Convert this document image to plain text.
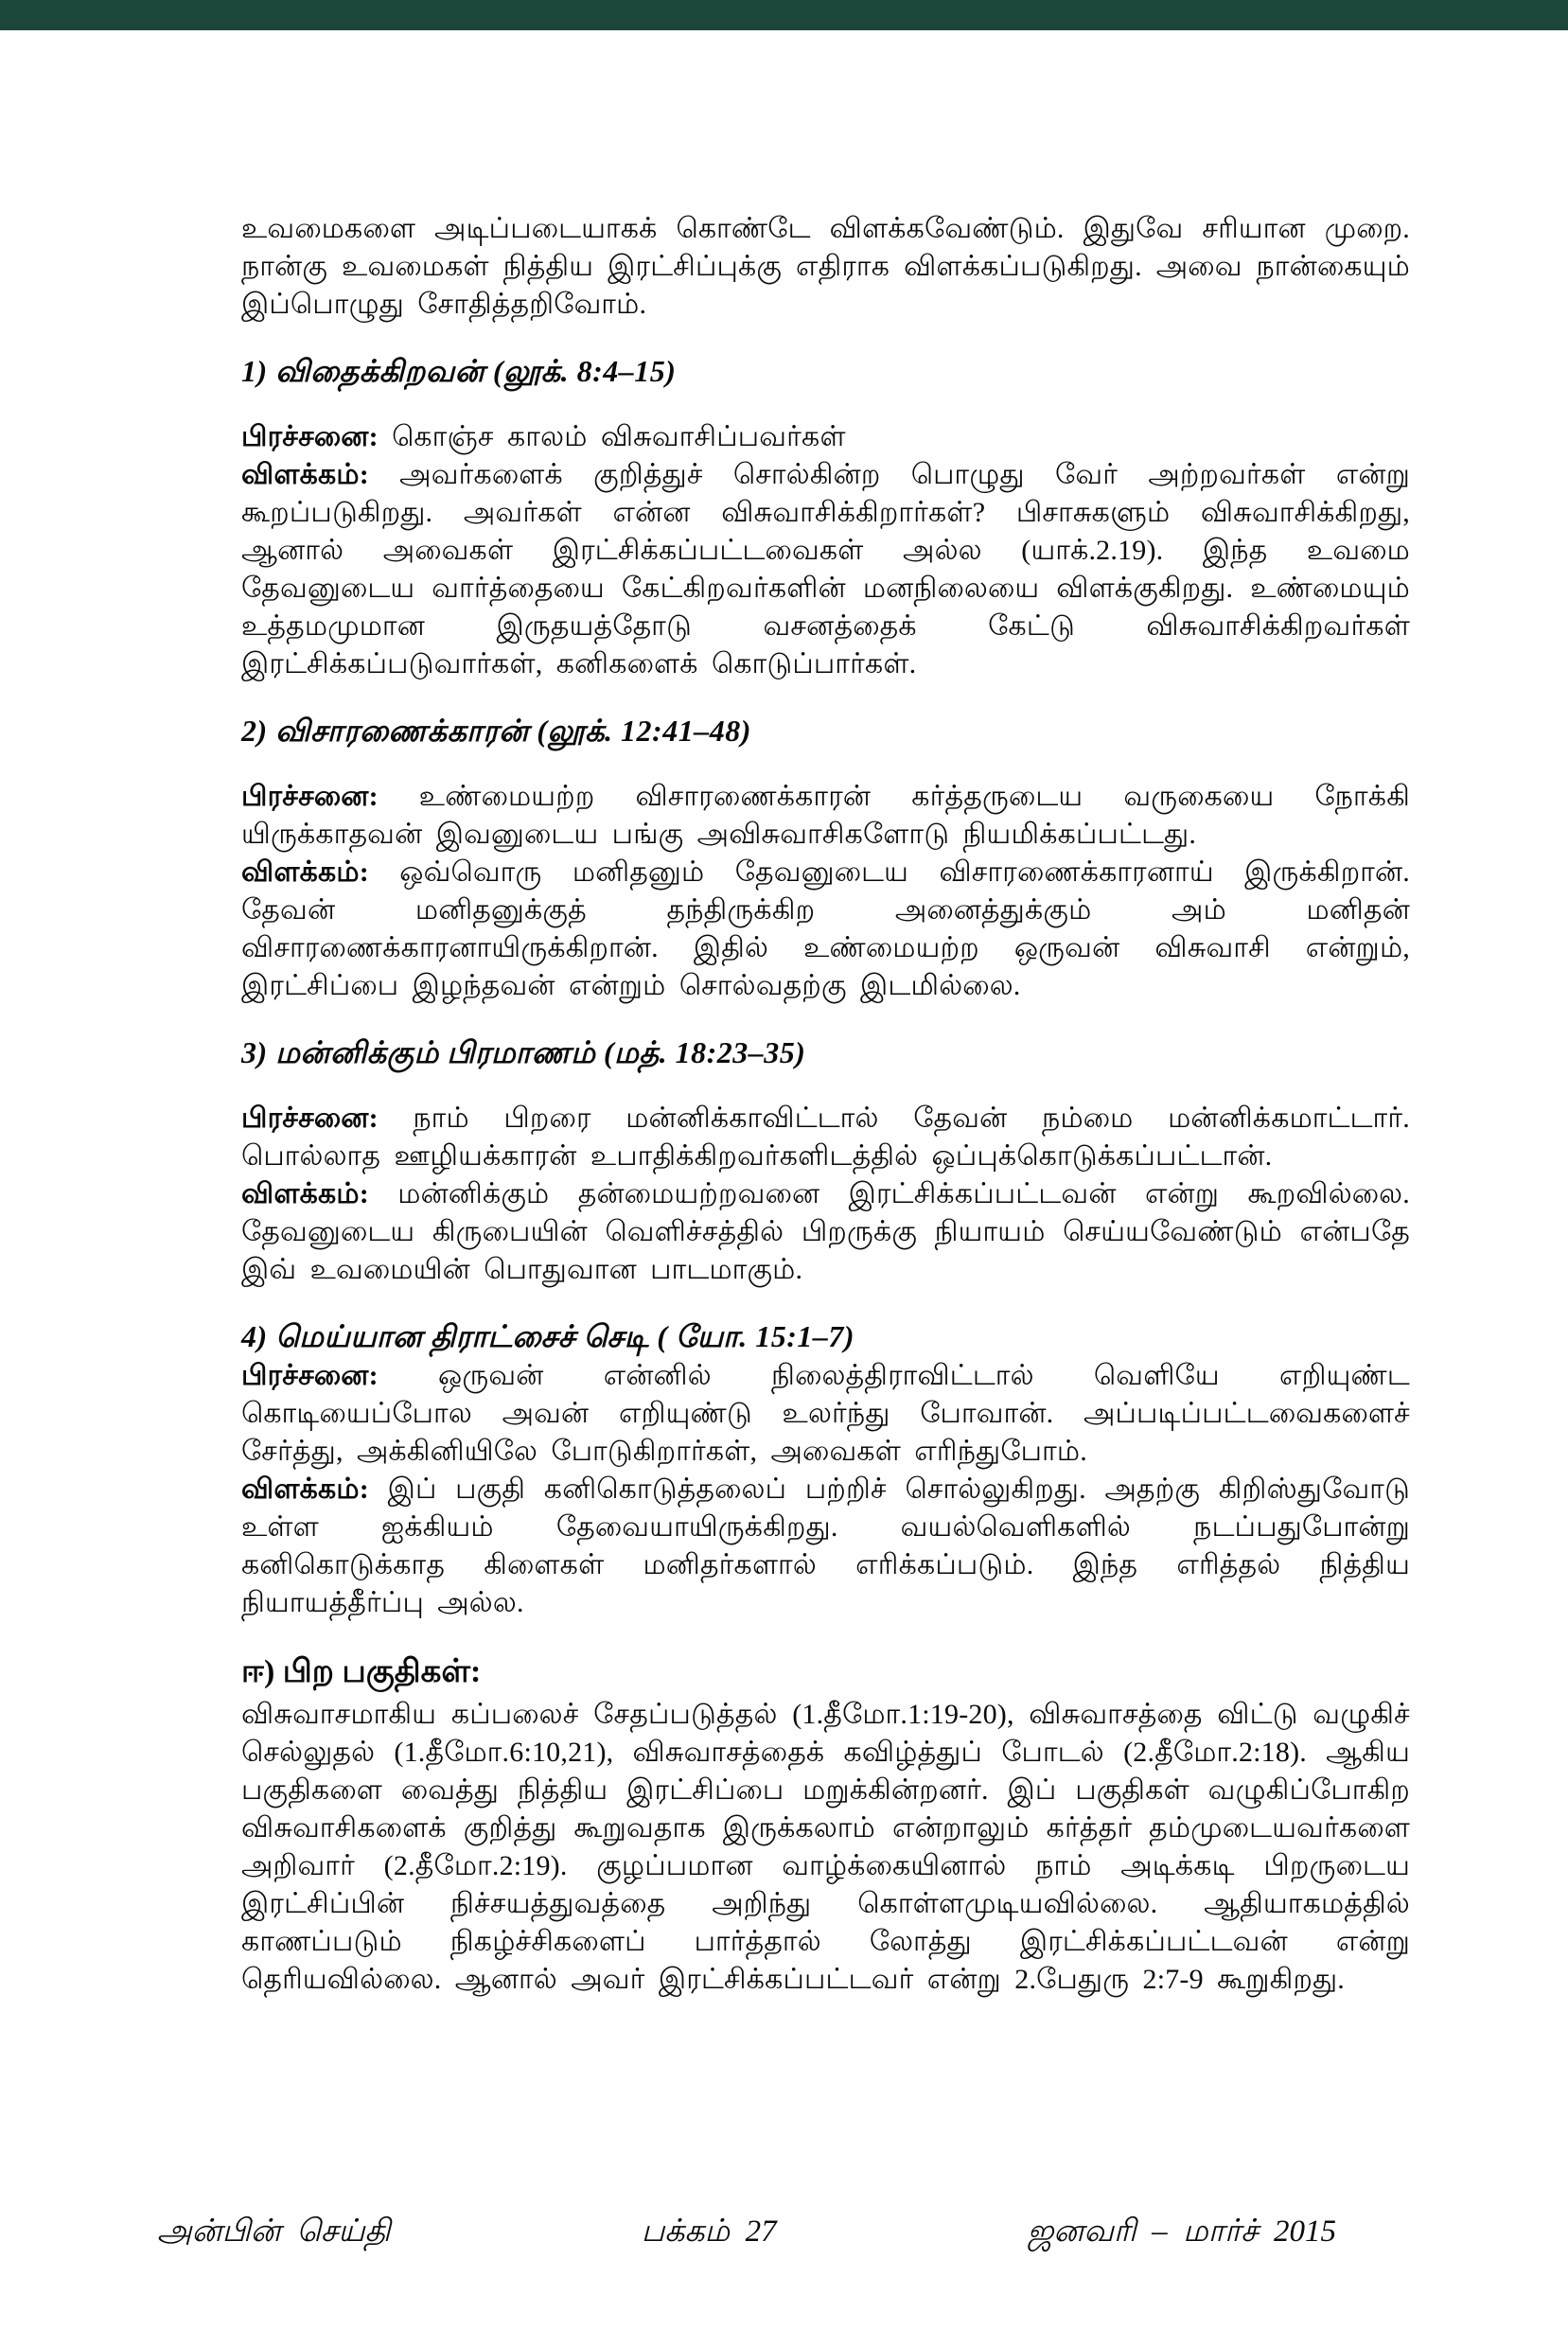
உவமைகளை அடிப்படையாகக் கொண்டே விளக்கவேண்டும். இதுவே சரியான முறை. நான்கு உவமைகள் நித்திய இரட்சிப்புக்கு எதிராக விளக்கப்படுகிறது. அவை நான்கையும் இப்பொழுது சோதித்தறிவோம்.

1) விதைக்கிறவன் (லூக். 8:4–15)

பிரச்சனை: கொஞ்ச காலம் விசுவாசிப்பவர்கள்

விளக்கம்: அவர்களைக் குறித்துச் சொல்கின்ற பொழுது வேர் அற்றவர்கள் என்று கூறப்படுகிறது. அவர்கள் என்ன விசுவாசிக்கிறார்கள்? பிசாசுகளும் விசுவாசிக்கிறது, ஆனால் அவைகள் இரட்சிக்கப்பட்டவைகள் அல்ல (யாக்.2.19). இந்த உவமை தேவனுடைய வார்த்தையை கேட்கிறவர்களின் மனநிலையை விளக்குகிறது. உண்மையும் உத்தமமுமான இருதயத்தோடு வசனத்தைக் கேட்டு விசுவாசிக்கிறவர்கள் இரட்சிக்கப்படுவார்கள், கனிகளைக் கொடுப்பார்கள்.

2) விசாரணைக்காரன் (லூக். 12:41–48)

பிரச்சனை: உண்மையற்ற விசாரணைக்காரன் கர்த்தருடைய வருகையை நோக்கி யிருக்காதவன் இவனுடைய பங்கு அவிசுவாசிகளோடு நியமிக்கப்பட்டது.

விளக்கம்: ஒவ்வொரு மனிதனும் தேவனுடைய விசாரணைக்காரனாய் இருக்கிறான். தேவன் மனிதனுக்குத் தந்திருக்கிற அனைத்துக்கும் அம் மனிதன் விசாரணைக்காரனாயிருக்கிறான். இதில் உண்மையற்ற ஒருவன் விசுவாசி என்றும், இரட்சிப்பை இழந்தவன் என்றும் சொல்வதற்கு இடமில்லை.

3) மன்னிக்கும் பிரமாணம் (மத். 18:23–35)

பிரச்சனை: நாம் பிறரை மன்னிக்காவிட்டால் தேவன் நம்மை மன்னிக்கமாட்டார். பொல்லாத ஊழியக்காரன் உபாதிக்கிறவர்களிடத்தில் ஒப்புக்கொடுக்கப்பட்டான்.

விளக்கம்: மன்னிக்கும் தன்மையற்றவனை இரட்சிக்கப்பட்டவன் என்று கூறவில்லை. தேவனுடைய கிருபையின் வெளிச்சத்தில் பிறருக்கு நியாயம் செய்யவேண்டும் என்பதே இவ் உவமையின் பொதுவான பாடமாகும்.

4) மெய்யான திராட்சைச் செடி ( யோ. 15:1–7)

பிரச்சனை: ஒருவன் என்னில் நிலைத்திராவிட்டால் வெளியே எறியுண்ட கொடியைப்போல அவன் எறியுண்டு உலர்ந்து போவான். அப்படிப்பட்டவைகளைச் சேர்த்து, அக்கினியிலே போடுகிறார்கள், அவைகள் எரிந்துபோம்.

விளக்கம்: இப் பகுதி கனிகொடுத்தலைப் பற்றிச் சொல்லுகிறது. அதற்கு கிறிஸ்துவோடு உள்ள ஐக்கியம் தேவையாயிருக்கிறது. வயல்வெளிகளில் நடப்பதுபோன்று கனிகொடுக்காத கிளைகள் மனிதர்களால் எரிக்கப்படும். இந்த எரித்தல் நித்திய நியாயத்தீர்ப்பு அல்ல.

ஈ) பிற பகுதிகள்:

விசுவாசமாகிய கப்பலைச் சேதப்படுத்தல் (1.தீமோ.1:19-20), விசுவாசத்தை விட்டு வழுகிச் செல்லுதல் (1.தீமோ.6:10,21), விசுவாசத்தைக் கவிழ்த்துப் போடல் (2.தீமோ.2:18). ஆகிய பகுதிகளை வைத்து நித்திய இரட்சிப்பை மறுக்கின்றனர். இப் பகுதிகள் வழுகிப்போகிற விசுவாசிகளைக் குறித்து கூறுவதாக இருக்கலாம் என்றாலும் கர்த்தர் தம்முடையவர்களை அறிவார் (2.தீமோ.2:19). குழப்பமான வாழ்க்கையினால் நாம் அடிக்கடி பிறருடைய இரட்சிப்பின் நிச்சயத்துவத்தை அறிந்து கொள்ளமுடியவில்லை. ஆதியாகமத்தில் காணப்படும் நிகழ்ச்சிகளைப் பார்த்தால் லோத்து இரட்சிக்கப்பட்டவன் என்று தெரியவில்லை. ஆனால் அவர் இரட்சிக்கப்பட்டவர் என்று 2.பேதுரு 2:7-9 கூறுகிறது.

அன்பின் செய்தி	பக்கம் 27	ஜனவரி – மார்ச் 2015
